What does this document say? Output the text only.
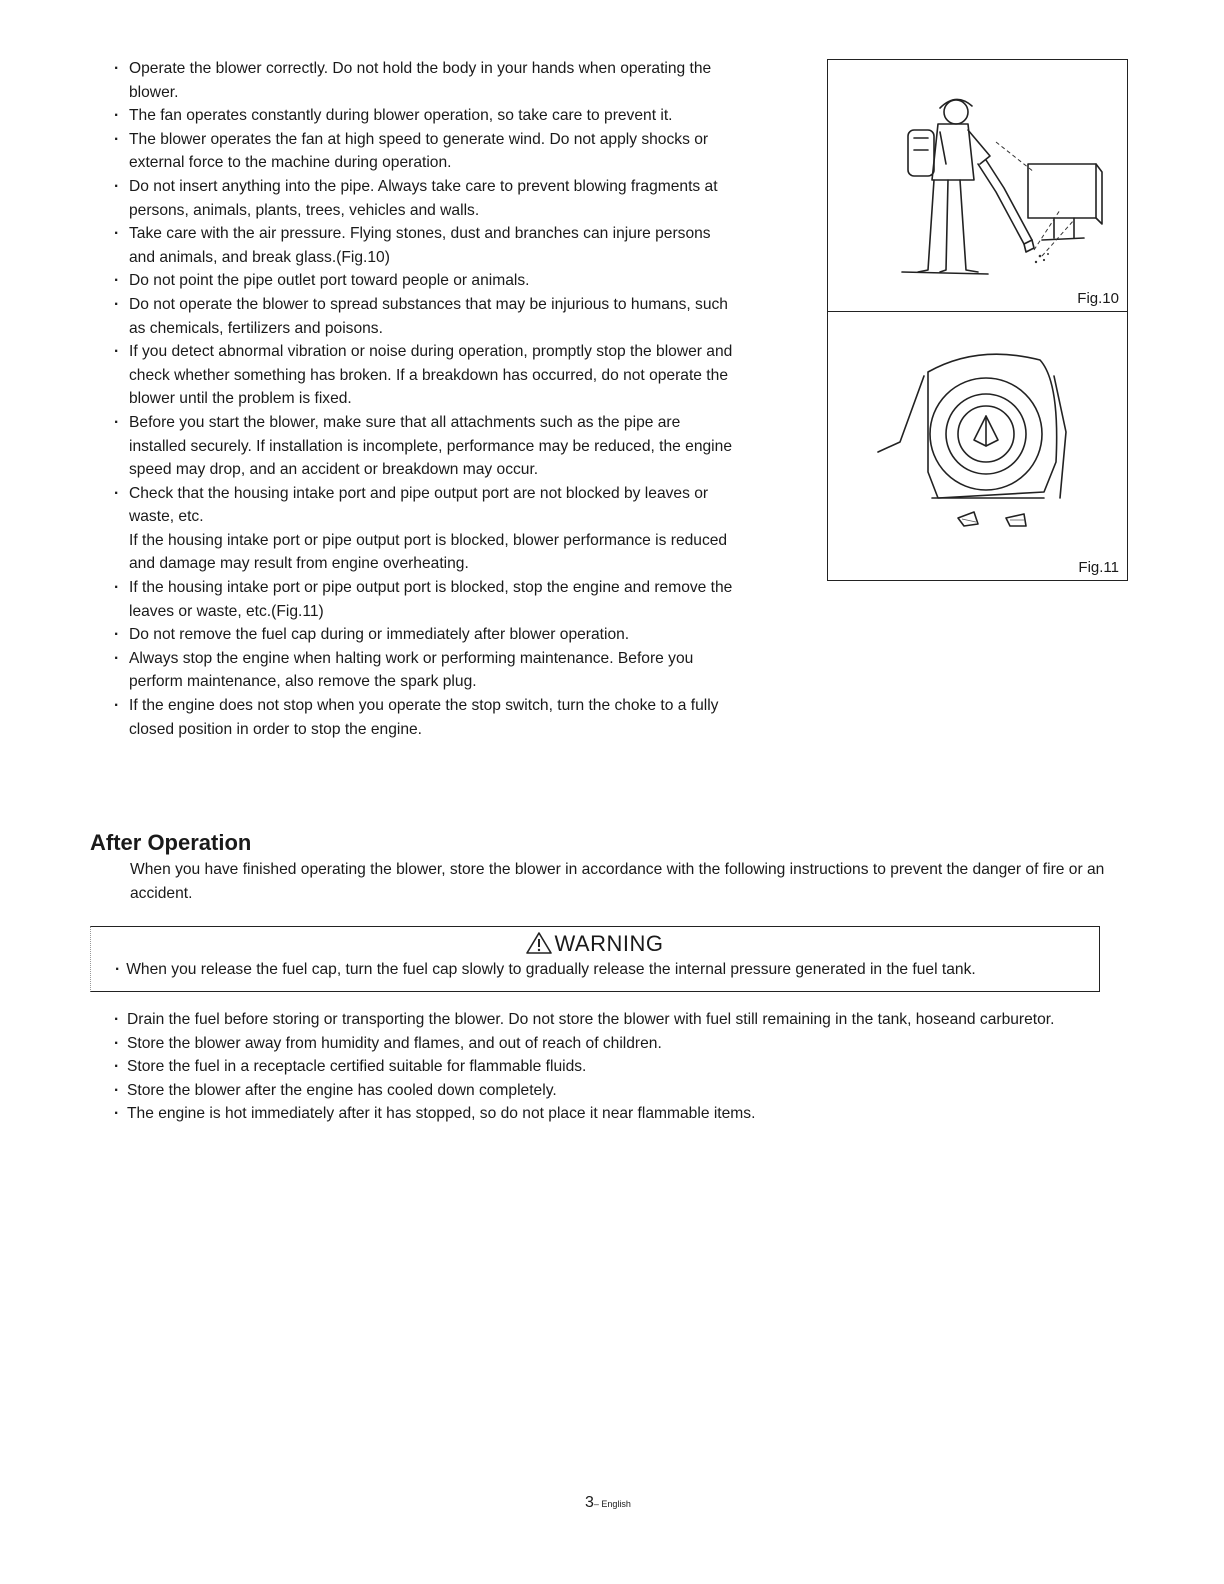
· Operate the blower correctly. Do not hold the body in your hands when operating the
blower.
· The fan operates constantly during blower operation, so take care to prevent it.
· The blower operates the fan at high speed to generate wind. Do not apply shocks or
external force to the machine during operation.
· Do not insert anything into the pipe. Always take care to prevent blowing fragments at
persons, animals, plants, trees, vehicles and walls.
· Take care with the air pressure. Flying stones, dust and branches can injure persons
and animals, and break glass.(Fig.10)
· Do not point the pipe outlet port toward people or animals.
· Do not operate the blower to spread substances that may be injurious to humans, such
as chemicals, fertilizers and poisons.
· If you detect abnormal vibration or noise during operation, promptly stop the blower and
check whether something has broken. If a breakdown has occurred, do not operate the
blower until the problem is fixed.
· Before you start the blower, make sure that all attachments such as the pipe are
installed securely. If installation is incomplete, performance may be reduced, the engine
speed may drop, and an accident or breakdown may occur.
· Check that the housing intake port and pipe output port are not blocked by leaves or
waste, etc.
If the housing intake port or pipe output port is blocked, blower performance is reduced
and damage may result from engine overheating.
· If the housing intake port or pipe output port is blocked, stop the engine and remove the
leaves or waste, etc.(Fig.11)
· Do not remove the fuel cap during or immediately after blower operation.
· Always stop the engine when halting work or performing maintenance. Before you
perform maintenance, also remove the spark plug.
· If the engine does not stop when you operate the stop switch, turn the choke to a fully
closed position in order to stop the engine.
Fig.10
Fig.11
After Operation

When you have finished operating the blower, store the blower in accordance with the following instructions to prevent the danger of fire or an accident.

WARNING
· When you release the fuel cap, turn the fuel cap slowly to gradually release the internal pressure generated in the fuel tank.
· Drain the fuel before storing or transporting the blower. Do not store the blower with fuel still remaining in the tank, hoseand carburetor.
· Store the blower away from humidity and flames, and out of reach of children.
· Store the fuel in a receptacle certified suitable for flammable fluids.
· Store the blower after the engine has cooled down completely.
· The engine is hot immediately after it has stopped, so do not place it near flammable items.
3– English
